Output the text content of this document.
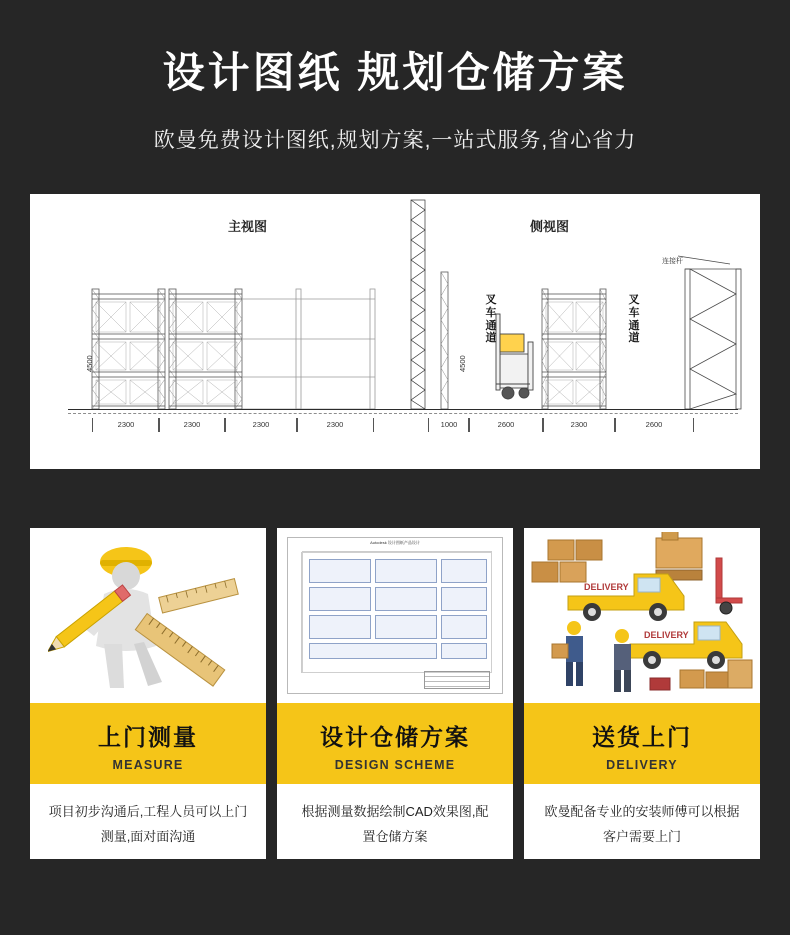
设计图纸 规划仓储方案
欧曼免费设计图纸,规划方案,一站式服务,省心省力
主视图	侧视图
叉车通道
叉车通道
连接杆
4500	4500
2300	2300	2300	2300	1000	2600	2300	2600
上门测量
MEASURE
项目初步沟通后,工程人员可以上门测量,面对面沟通
Autodesk 设计图纸产品设计
设计仓储方案
DESIGN SCHEME
根据测量数据绘制CAD效果图,配置仓储方案
DELIVERY
DELIVERY
送货上门
DELIVERY
欧曼配备专业的安装师傅可以根据客户需要上门
